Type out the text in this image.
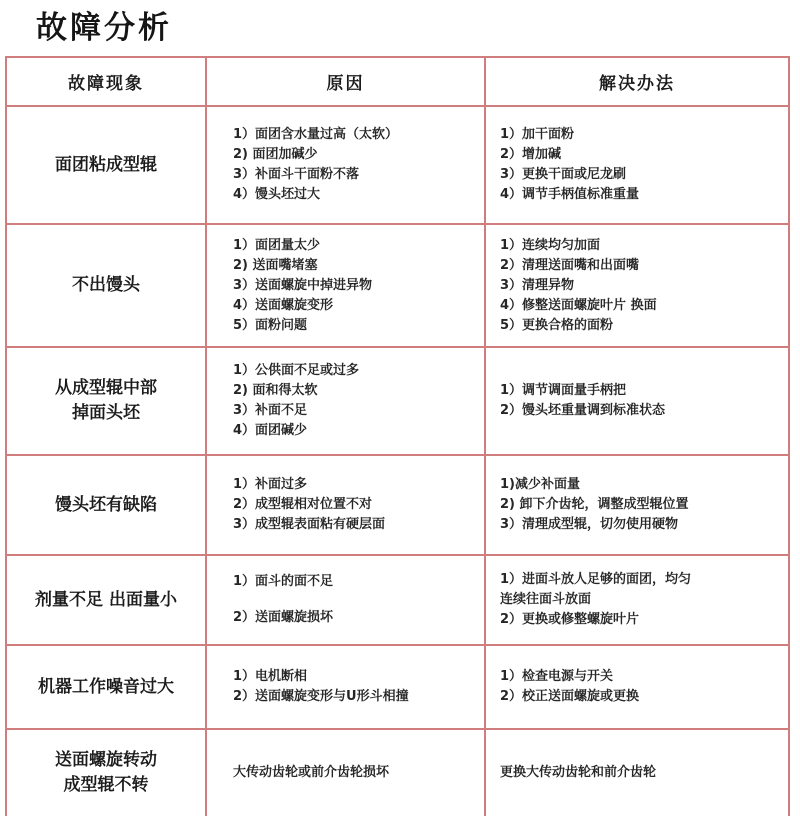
故障分析
故障现象	原因	解决办法

面团粘成型辊	1）面团含水量过高（太软）
2) 面团加碱少
3）补面斗干面粉不落
4）馒头坯过大	1）加干面粉
2）增加碱
3）更换干面或尼龙刷
4）调节手柄值标准重量

不出馒头	1）面团量太少
2) 送面嘴堵塞
3）送面螺旋中掉进异物
4）送面螺旋变形
5）面粉问题	1）连续均匀加面
2）清理送面嘴和出面嘴
3）清理异物
4）修整送面螺旋叶片 换面
5）更换合格的面粉

从成型辊中部
掉面头坯	1）公供面不足或过多
2) 面和得太软
3）补面不足
4）面团碱少	1）调节调面量手柄把
2）馒头坯重量调到标准状态

馒头坯有缺陷	1）补面过多
2）成型辊相对位置不对
3）成型辊表面粘有硬层面	1)减少补面量
2) 卸下介齿轮，调整成型辊位置
3）清理成型辊，切勿使用硬物

剂量不足 出面量小	1）面斗的面不足
2）送面螺旋损坏	1）进面斗放人足够的面团，均匀
连续往面斗放面
2）更换或修整螺旋叶片

机器工作噪音过大	1）电机断相
2）送面螺旋变形与U形斗相撞	1）检查电源与开关
2）校正送面螺旋或更换

送面螺旋转动
成型辊不转	大传动齿轮或前介齿轮损坏	更换大传动齿轮和前介齿轮
